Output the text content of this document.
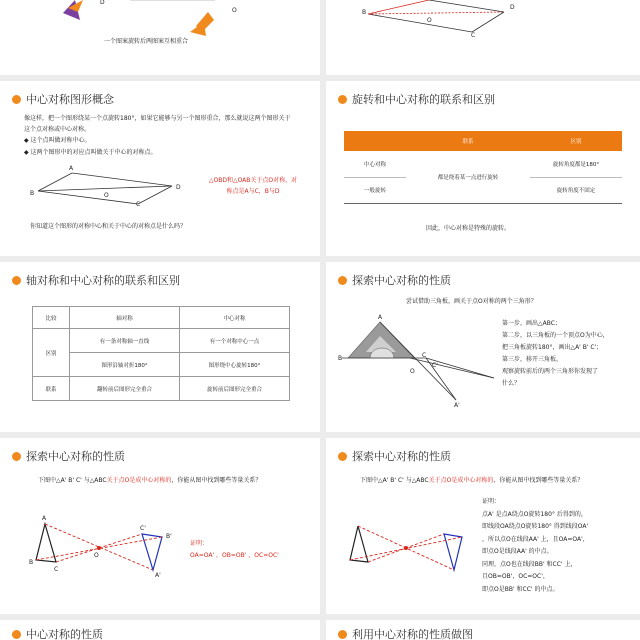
D
O
一个图案旋转后两图案互相重合
B
O
D
C
中心对称图形概念
像这样，把一个图形绕某一个点旋转180°，如果它能够与另一个图形重合，那么就说这两个图形关于这个点对称或中心对称。
◆ 这个点叫做对称中心。
◆ 这两个图形中的对应点叫做关于中心的对称点。
A
B	O
C
D
△OBD和△OAB关于点O对称，对称点是A与C，B与D
你知道这个图形的对称中心和关于中心的对称点是什么吗？
旋转和中心对称的联系和区别
	联系	区别
中心对称	都是绕着某一点进行旋转	旋转角度都是180°
一般旋转		旋转角度不固定
因此，中心对称是特殊的旋转。
轴对称和中心对称的联系和区别
比较	轴对称	中心对称
区别	有一条对称轴一直线	有一个对称中心一点
	图形沿轴对折180°	图形绕中心旋转180°
联系	翻转前后图形完全重合	旋转前后图形完全重合
探索中心对称的性质
尝试借助三角板，画关于点O对称的两个三角形？
A
B	C
O
C'
A'
第一步，画出△ABC；
第二步，以三角板的一个顶点O为中心，
把三角板旋转180°，画出△A' B' C'；
第三步，移开三角板。
观察旋转前后的两个三角形你发现了
什么？
探索中心对称的性质
下图中△A' B' C' 与△ABC关于点O是成中心对称的，你能从图中找到哪些等量关系？
A
B
C
O
C'
B'
A'
证明：
OA=OA' ，OB=OB' ，OC=OC'
探索中心对称的性质
下图中△A' B' C' 与△ABC关于点O是成中心对称的，你能从图中找到哪些等量关系？
证明：
点A' 是点A绕点O旋转180° 后得到的，
即线段OA绕点O旋转180° 得到线段OA'
，所以点O在线段AA' 上，且OA=OA'，
即点O是线段AA' 的中点。
同理，点O也在线段BB' 和CC' 上，
且OB=OB'，OC=OC'，
即点O是BB' 和CC' 的中点。
中心对称的性质	利用中心对称的性质做图
